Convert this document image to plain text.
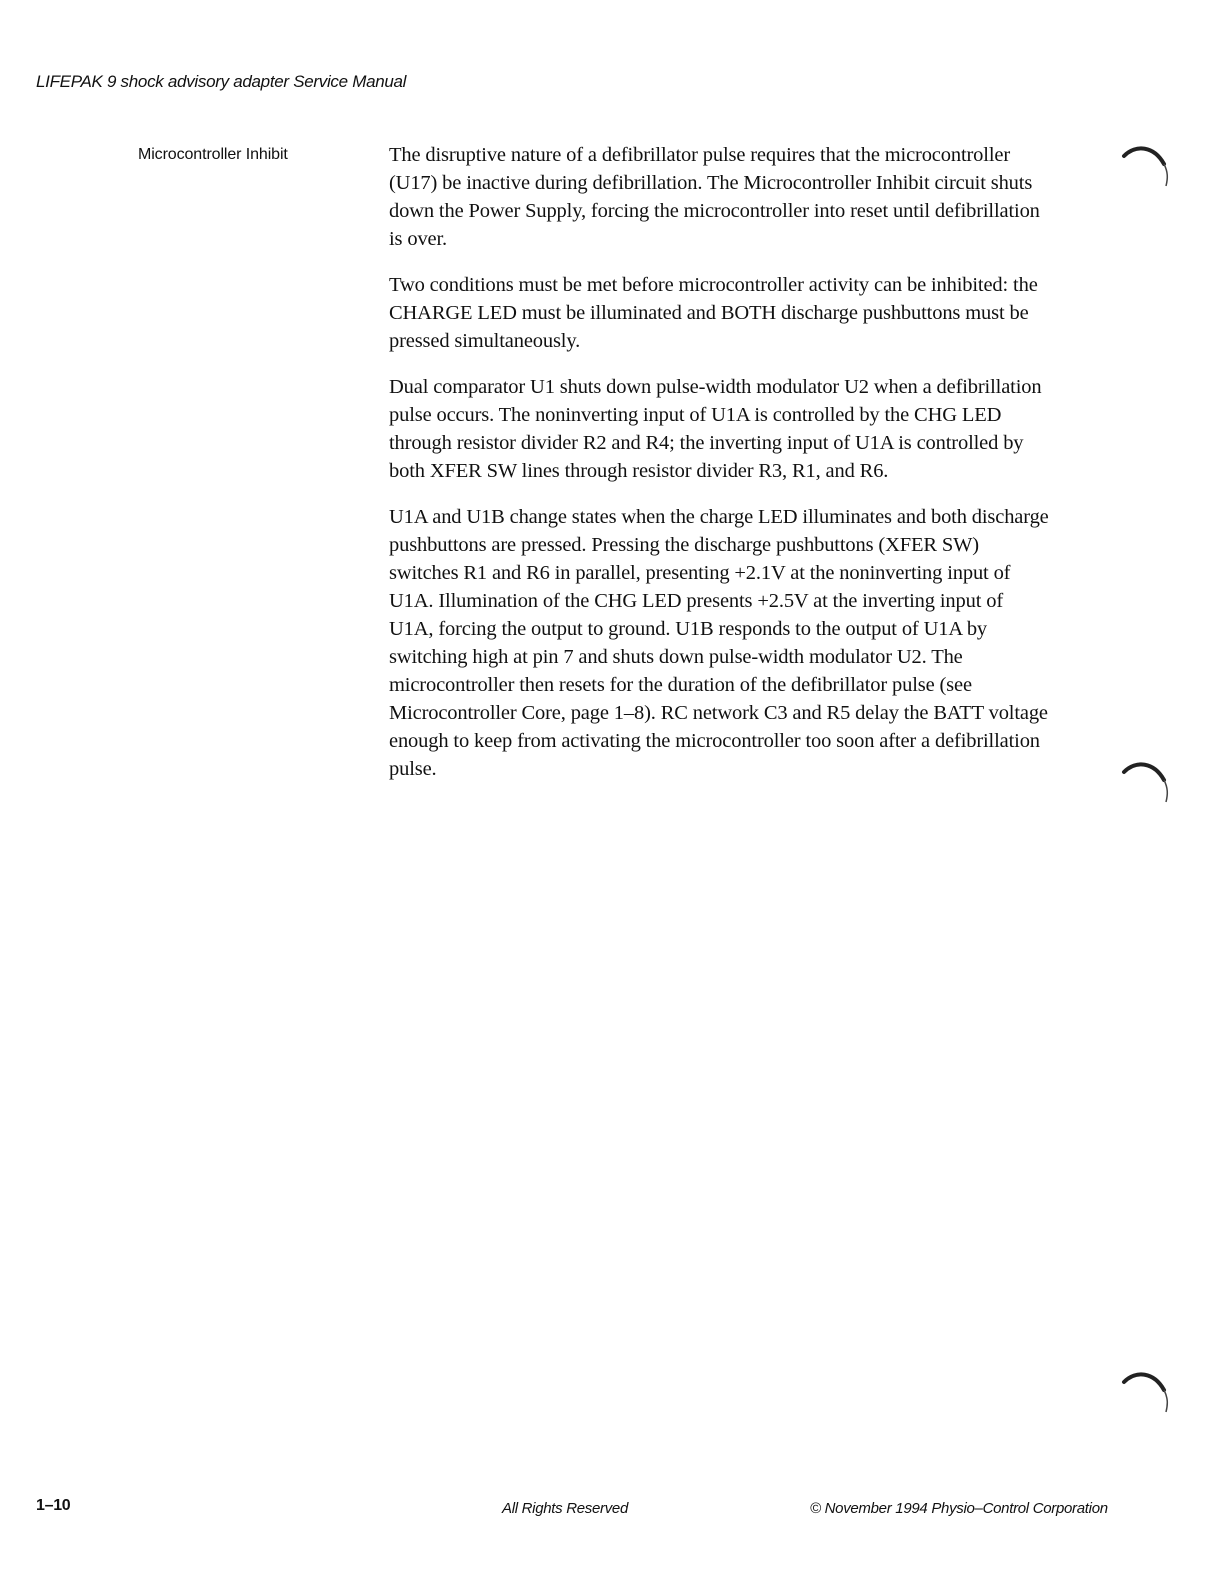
LIFEPAK 9 shock advisory adapter Service Manual
Microcontroller Inhibit	The disruptive nature of a defibrillator pulse requires that the microcontroller (U17) be inactive during defibrillation. The Microcontroller Inhibit circuit shuts down the Power Supply, forcing the microcontroller into reset until defibrillation is over.

Two conditions must be met before microcontroller activity can be inhibited: the CHARGE LED must be illuminated and BOTH discharge pushbuttons must be pressed simultaneously.

Dual comparator U1 shuts down pulse-width modulator U2 when a defibrillation pulse occurs. The noninverting input of U1A is controlled by the CHG LED through resistor divider R2 and R4; the inverting input of U1A is controlled by both XFER SW lines through resistor divider R3, R1, and R6.

U1A and U1B change states when the charge LED illuminates and both discharge pushbuttons are pressed. Pressing the discharge pushbuttons (XFER SW) switches R1 and R6 in parallel, presenting +2.1V at the noninverting input of U1A. Illumination of the CHG LED presents +2.5V at the inverting input of U1A, forcing the output to ground. U1B responds to the output of U1A by switching high at pin 7 and shuts down pulse-width modulator U2. The microcontroller then resets for the duration of the defibrillator pulse (see Microcontroller Core, page 1–8). RC network C3 and R5 delay the BATT voltage enough to keep from activating the microcontroller too soon after a defibrillation pulse.

1–10	All Rights Reserved	© November 1994 Physio–Control Corporation
